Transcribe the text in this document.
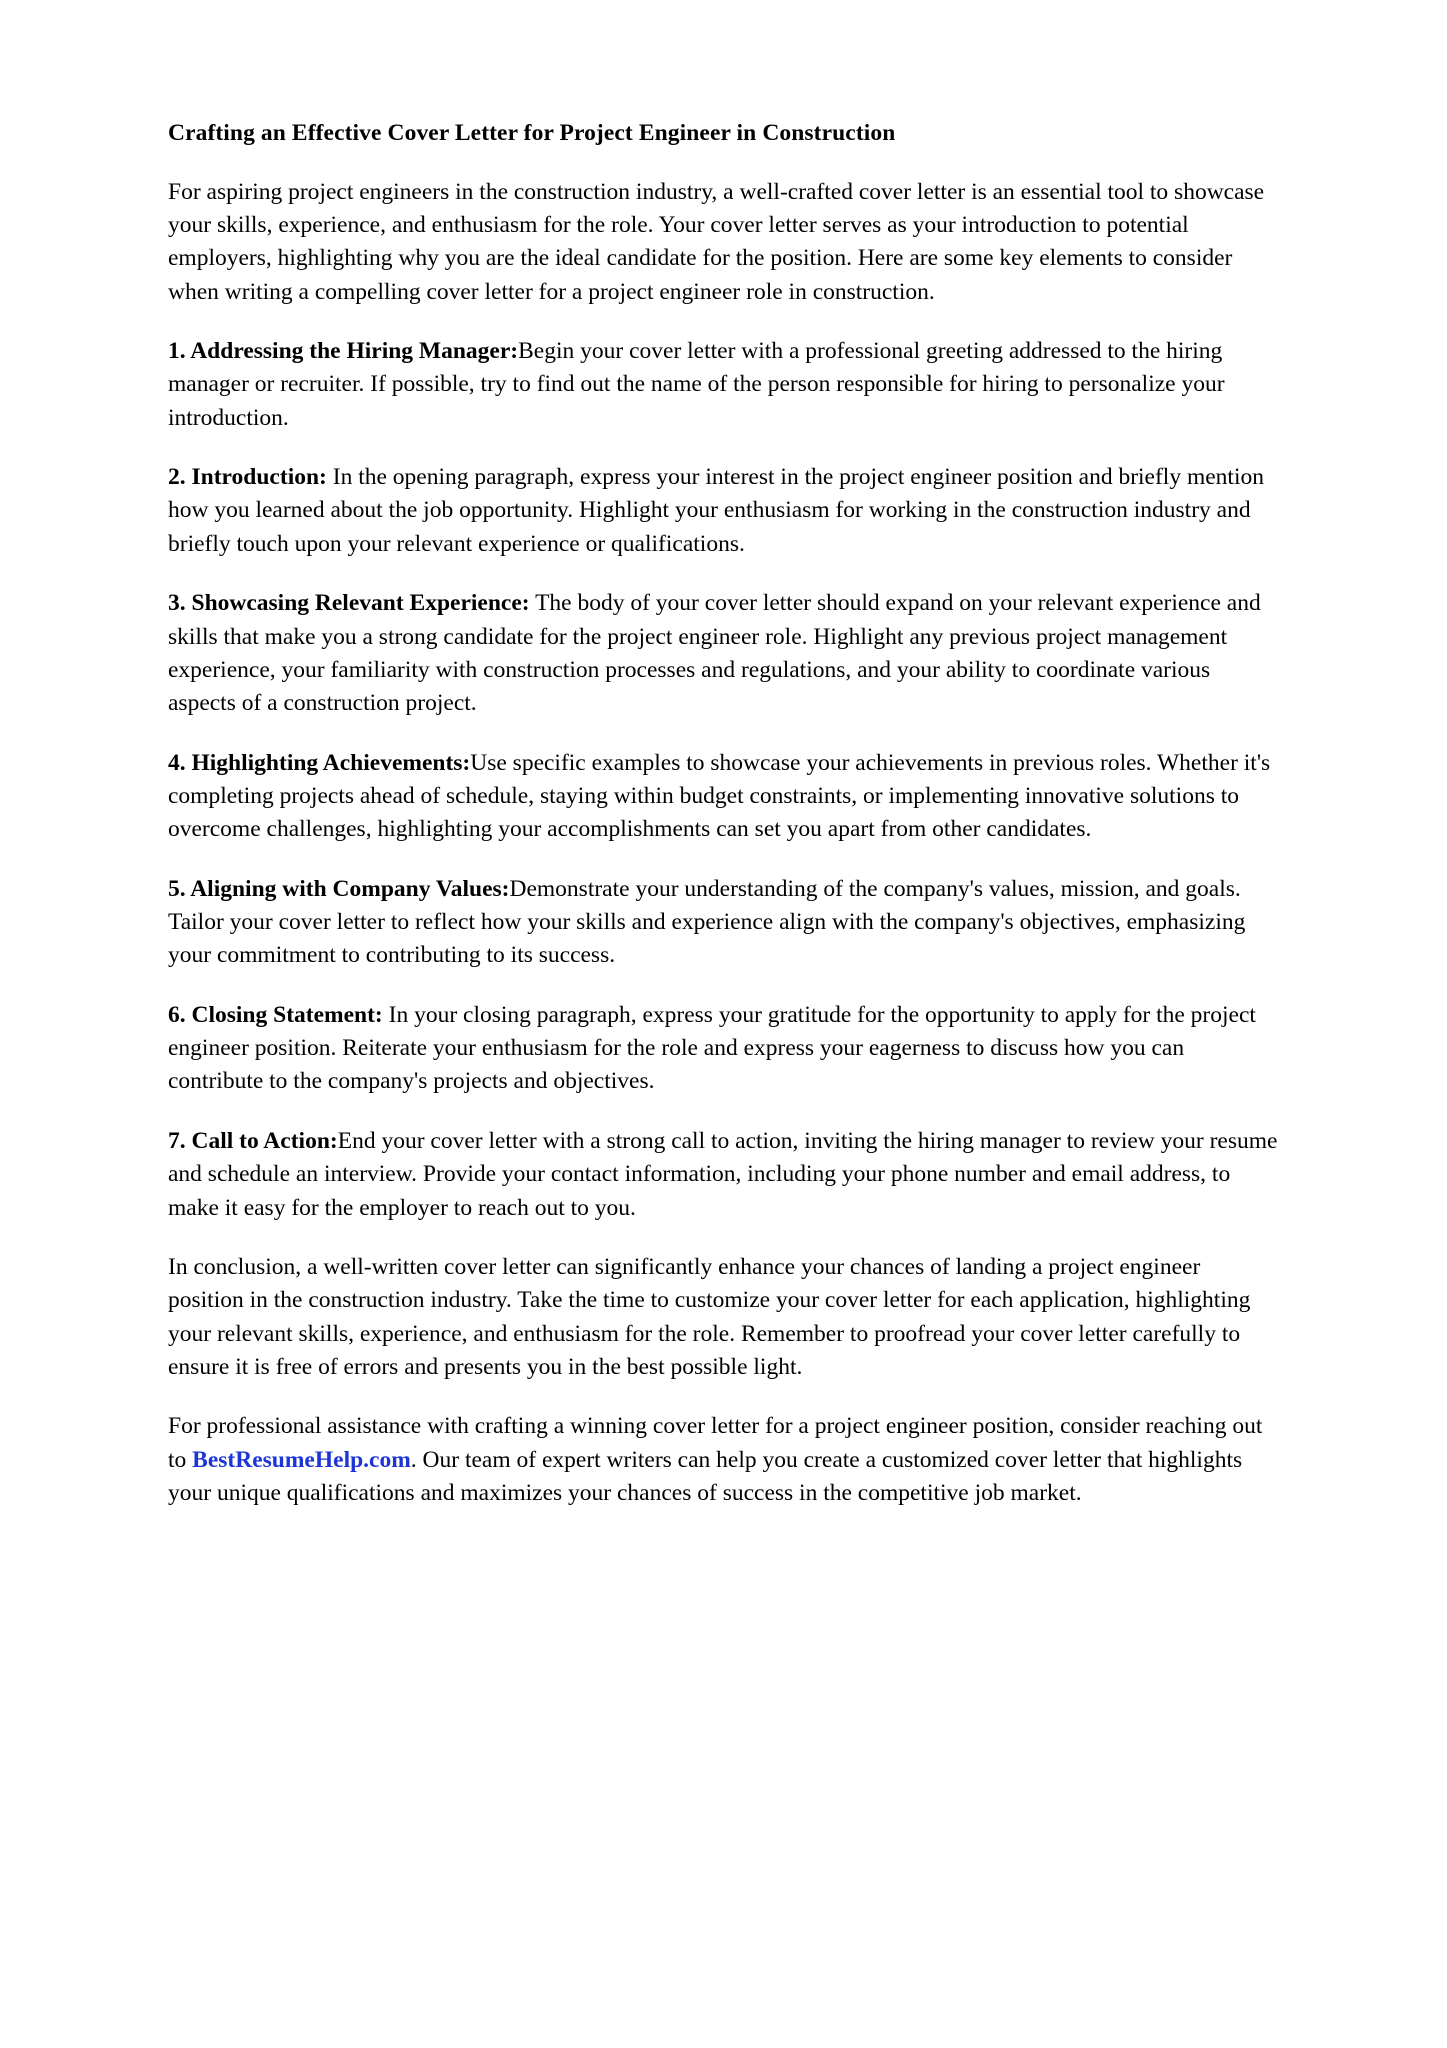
Crafting an Effective Cover Letter for Project Engineer in Construction

For aspiring project engineers in the construction industry, a well-crafted cover letter is an essential tool to showcase your skills, experience, and enthusiasm for the role. Your cover letter serves as your introduction to potential employers, highlighting why you are the ideal candidate for the position. Here are some key elements to consider when writing a compelling cover letter for a project engineer role in construction.

1. Addressing the Hiring Manager:Begin your cover letter with a professional greeting addressed to the hiring manager or recruiter. If possible, try to find out the name of the person responsible for hiring to personalize your introduction.

2. Introduction: In the opening paragraph, express your interest in the project engineer position and briefly mention how you learned about the job opportunity. Highlight your enthusiasm for working in the construction industry and briefly touch upon your relevant experience or qualifications.

3. Showcasing Relevant Experience: The body of your cover letter should expand on your relevant experience and skills that make you a strong candidate for the project engineer role. Highlight any previous project management experience, your familiarity with construction processes and regulations, and your ability to coordinate various aspects of a construction project.

4. Highlighting Achievements:Use specific examples to showcase your achievements in previous roles. Whether it's completing projects ahead of schedule, staying within budget constraints, or implementing innovative solutions to overcome challenges, highlighting your accomplishments can set you apart from other candidates.

5. Aligning with Company Values:Demonstrate your understanding of the company's values, mission, and goals. Tailor your cover letter to reflect how your skills and experience align with the company's objectives, emphasizing your commitment to contributing to its success.

6. Closing Statement: In your closing paragraph, express your gratitude for the opportunity to apply for the project engineer position. Reiterate your enthusiasm for the role and express your eagerness to discuss how you can contribute to the company's projects and objectives.

7. Call to Action:End your cover letter with a strong call to action, inviting the hiring manager to review your resume and schedule an interview. Provide your contact information, including your phone number and email address, to make it easy for the employer to reach out to you.

In conclusion, a well-written cover letter can significantly enhance your chances of landing a project engineer position in the construction industry. Take the time to customize your cover letter for each application, highlighting your relevant skills, experience, and enthusiasm for the role. Remember to proofread your cover letter carefully to ensure it is free of errors and presents you in the best possible light.

For professional assistance with crafting a winning cover letter for a project engineer position, consider reaching out to BestResumeHelp.com. Our team of expert writers can help you create a customized cover letter that highlights your unique qualifications and maximizes your chances of success in the competitive job market.
